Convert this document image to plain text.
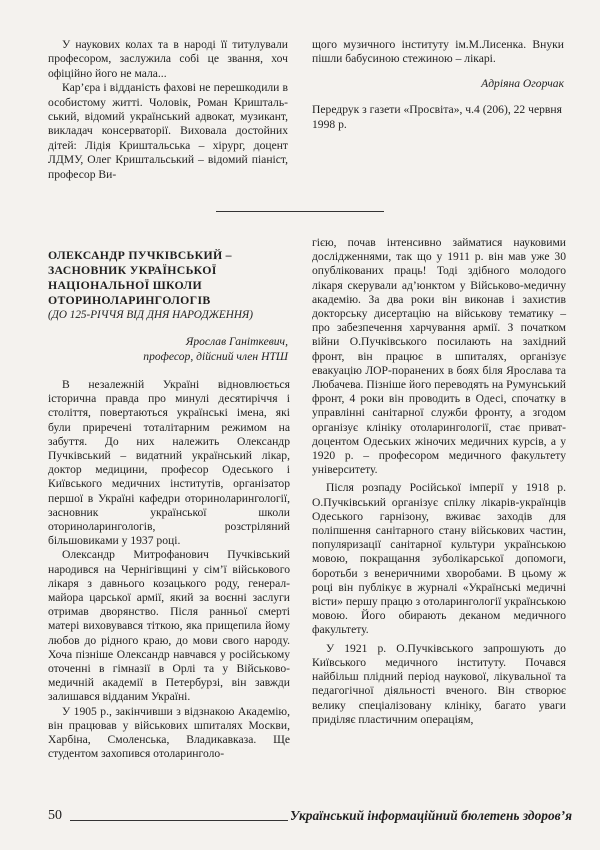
У наукових колах та в народі її титулували професором, заслужила собі це звання, хоч офіційно його не мала...

Кар’єра і відданість фахові не перешкодили в особистому житті. Чоловік, Роман Криштальський, відомий український адвокат, музикант, викладач консерваторії. Виховала достойних дітей: Лідія Криштальська – хірург, доцент ЛДМУ, Олег Криштальський – відомий піаніст, професор Ви-

щого музичного інституту ім.М.Лисенка. Внуки пішли бабусиною стежиною – лікарі.

Адріяна Огорчак

Передрук з газети «Просвіта», ч.4 (206), 22 червня 1998 р.

ОЛЕКСАНДР ПУЧКІВСЬКИЙ –

ЗАСНОВНИК УКРАЇНСЬКОЇ

НАЦІОНАЛЬНОЇ ШКОЛИ

ОТОРИНОЛАРИНГОЛОГІВ

(ДО 125-РІЧЧЯ ВІД ДНЯ НАРОДЖЕННЯ)

Ярослав Ганіткевич,
професор, дійсний член НТШ

В незалежній Україні відновлюється історична правда про минулі десятиріччя і століття, повертаються українські імена, які були приречені тоталітарним режимом на забуття. До них належить Олександр Пучківський – видатний український лікар, доктор медицини, професор Одеського і Київського медичних інститутів, організатор першої в Україні кафедри оториноларингології, засновник української школи оториноларингологів, розстріляний більшовиками у 1937 році.

Олександр Митрофанович Пучківський народився на Чернігівщині у сім’ї військового лікаря з давнього козацького роду, генерал-майора царської армії, який за воєнні заслуги отримав дворянство. Після ранньої смерті матері виховувався тіткою, яка прищепила йому любов до рідного краю, до мови свого народу. Хоча пізніше Олександр навчався у російському оточенні в гімназії в Орлі та у Військово-медичній академії в Петербурзі, він завжди залишався відданим Україні.

У 1905 р., закінчивши з відзнакою Академію, він працював у військових шпиталях Москви, Харбіна, Смоленська, Владикавказа. Ще студентом захопився отоларинголо-

гією, почав інтенсивно займатися науковими дослідженнями, так що у 1911 р. він мав уже 30 опублікованих праць! Тоді здібного молодого лікаря скерували ад’юнктом у Військово-медичну академію. За два роки він виконав і захистив докторську дисертацію на військову тематику – про забезпечення харчування армії. З початком війни О.Пучківського посилають на західний фронт, він працює в шпиталях, організує евакуацію ЛОР-поранених в боях біля Ярослава та Любачева. Пізніше його переводять на Румунський фронт, 4 роки він проводить в Одесі, спочатку в управлінні санітарної служби фронту, а згодом організує клініку отоларингології, стає приват-доцентом Одеських жіночих медичних курсів, а у 1920 р. – професором медичного факультету університету.

Після розпаду Російської імперії у 1918 р. О.Пучківський організує спілку лікарів-українців Одеського гарнізону, вживає заходів для поліпшення санітарного стану військових частин, популяризації санітарної культури українською мовою, покращання зуболікарської допомоги, боротьби з венеричними хворобами. В цьому ж році він публікує в журналі «Українські медичні вісти» першу працю з отоларингології українською мовою. Його обирають деканом медичного факультету.

У 1921 р. О.Пучківського запрошують до Київського медичного інституту. Почався найбільш плідний період наукової, лікувальної та педагогічної діяльності вченого. Він створює велику спеціалізовану клініку, багато уваги приділяє пластичним операціям,

50	Український інформаційний бюлетень здоров’я
